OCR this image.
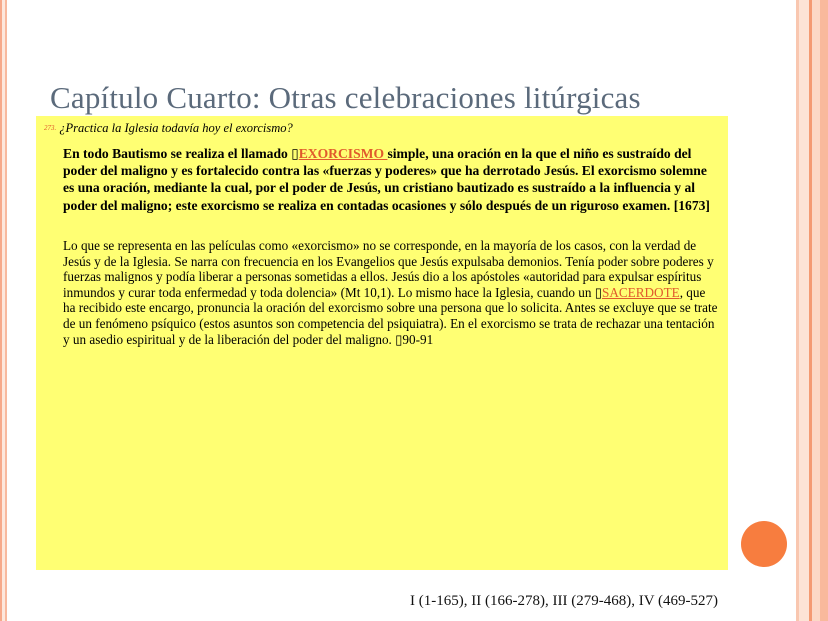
Capítulo Cuarto: Otras celebraciones litúrgicas
273. ¿Practica la Iglesia todavía hoy el exorcismo?
En todo Bautismo se realiza el llamado ▯EXORCISMO simple, una oración en la que el niño es sustraído del poder del maligno y es fortalecido contra las «fuerzas y poderes» que ha derrotado Jesús. El exorcismo solemne es una oración, mediante la cual, por el poder de Jesús, un cristiano bautizado es sustraído a la influencia y al poder del maligno; este exorcismo se realiza en contadas ocasiones y sólo después de un riguroso examen. [1673]
Lo que se representa en las películas como «exorcismo» no se corresponde, en la mayoría de los casos, con la verdad de Jesús y de la Iglesia. Se narra con frecuencia en los Evangelios que Jesús expulsaba demonios. Tenía poder sobre poderes y fuerzas malignos y podía liberar a personas sometidas a ellos. Jesús dio a los apóstoles «autoridad para expulsar espíritus inmundos y curar toda enfermedad y toda dolencia» (Mt 10,1). Lo mismo hace la Iglesia, cuando un ▯SACERDOTE, que ha recibido este encargo, pronuncia la oración del exorcismo sobre una persona que lo solicita. Antes se excluye que se trate de un fenómeno psíquico (estos asuntos son competencia del psiquiatra). En el exorcismo se trata de rechazar una tentación y un asedio espiritual y de la liberación del poder del maligno. ▯90-91
I (1-165), II (166-278), III (279-468), IV (469-527)
